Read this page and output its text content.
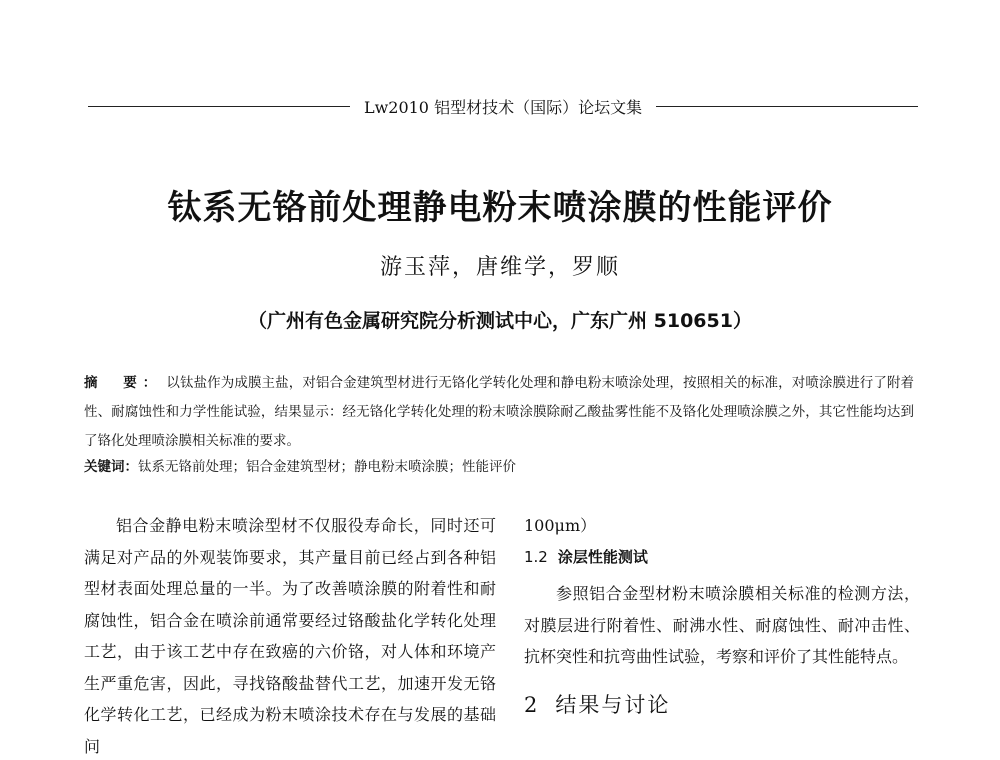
Lw2010 铝型材技术（国际）论坛文集
钛系无铬前处理静电粉末喷涂膜的性能评价
游玉萍，唐维学，罗顺
（广州有色金属研究院分析测试中心，广东广州 510651）
摘　要： 以钛盐作为成膜主盐，对铝合金建筑型材进行无铬化学转化处理和静电粉末喷涂处理，按照相关的标准，对喷涂膜进行了附着性、耐腐蚀性和力学性能试验，结果显示：经无铬化学转化处理的粉末喷涂膜除耐乙酸盐雾性能不及铬化处理喷涂膜之外，其它性能均达到了铬化处理喷涂膜相关标准的要求。
关键词：钛系无铬前处理；铝合金建筑型材；静电粉末喷涂膜；性能评价

铝合金静电粉末喷涂型材不仅服役寿命长，同时还可满足对产品的外观装饰要求，其产量目前已经占到各种铝型材表面处理总量的一半。为了改善喷涂膜的附着性和耐腐蚀性，铝合金在喷涂前通常要经过铬酸盐化学转化处理工艺，由于该工艺中存在致癌的六价铬，对人体和环境产生严重危害，因此，寻找铬酸盐替代工艺，加速开发无铬化学转化工艺，已经成为粉末喷涂技术存在与发展的基础问

100μm）
1.2 涂层性能测试

参照铝合金型材粉末喷涂膜相关标准的检测方法，对膜层进行附着性、耐沸水性、耐腐蚀性、耐冲击性、抗杯突性和抗弯曲性试验，考察和评价了其性能特点。

2 结果与讨论
